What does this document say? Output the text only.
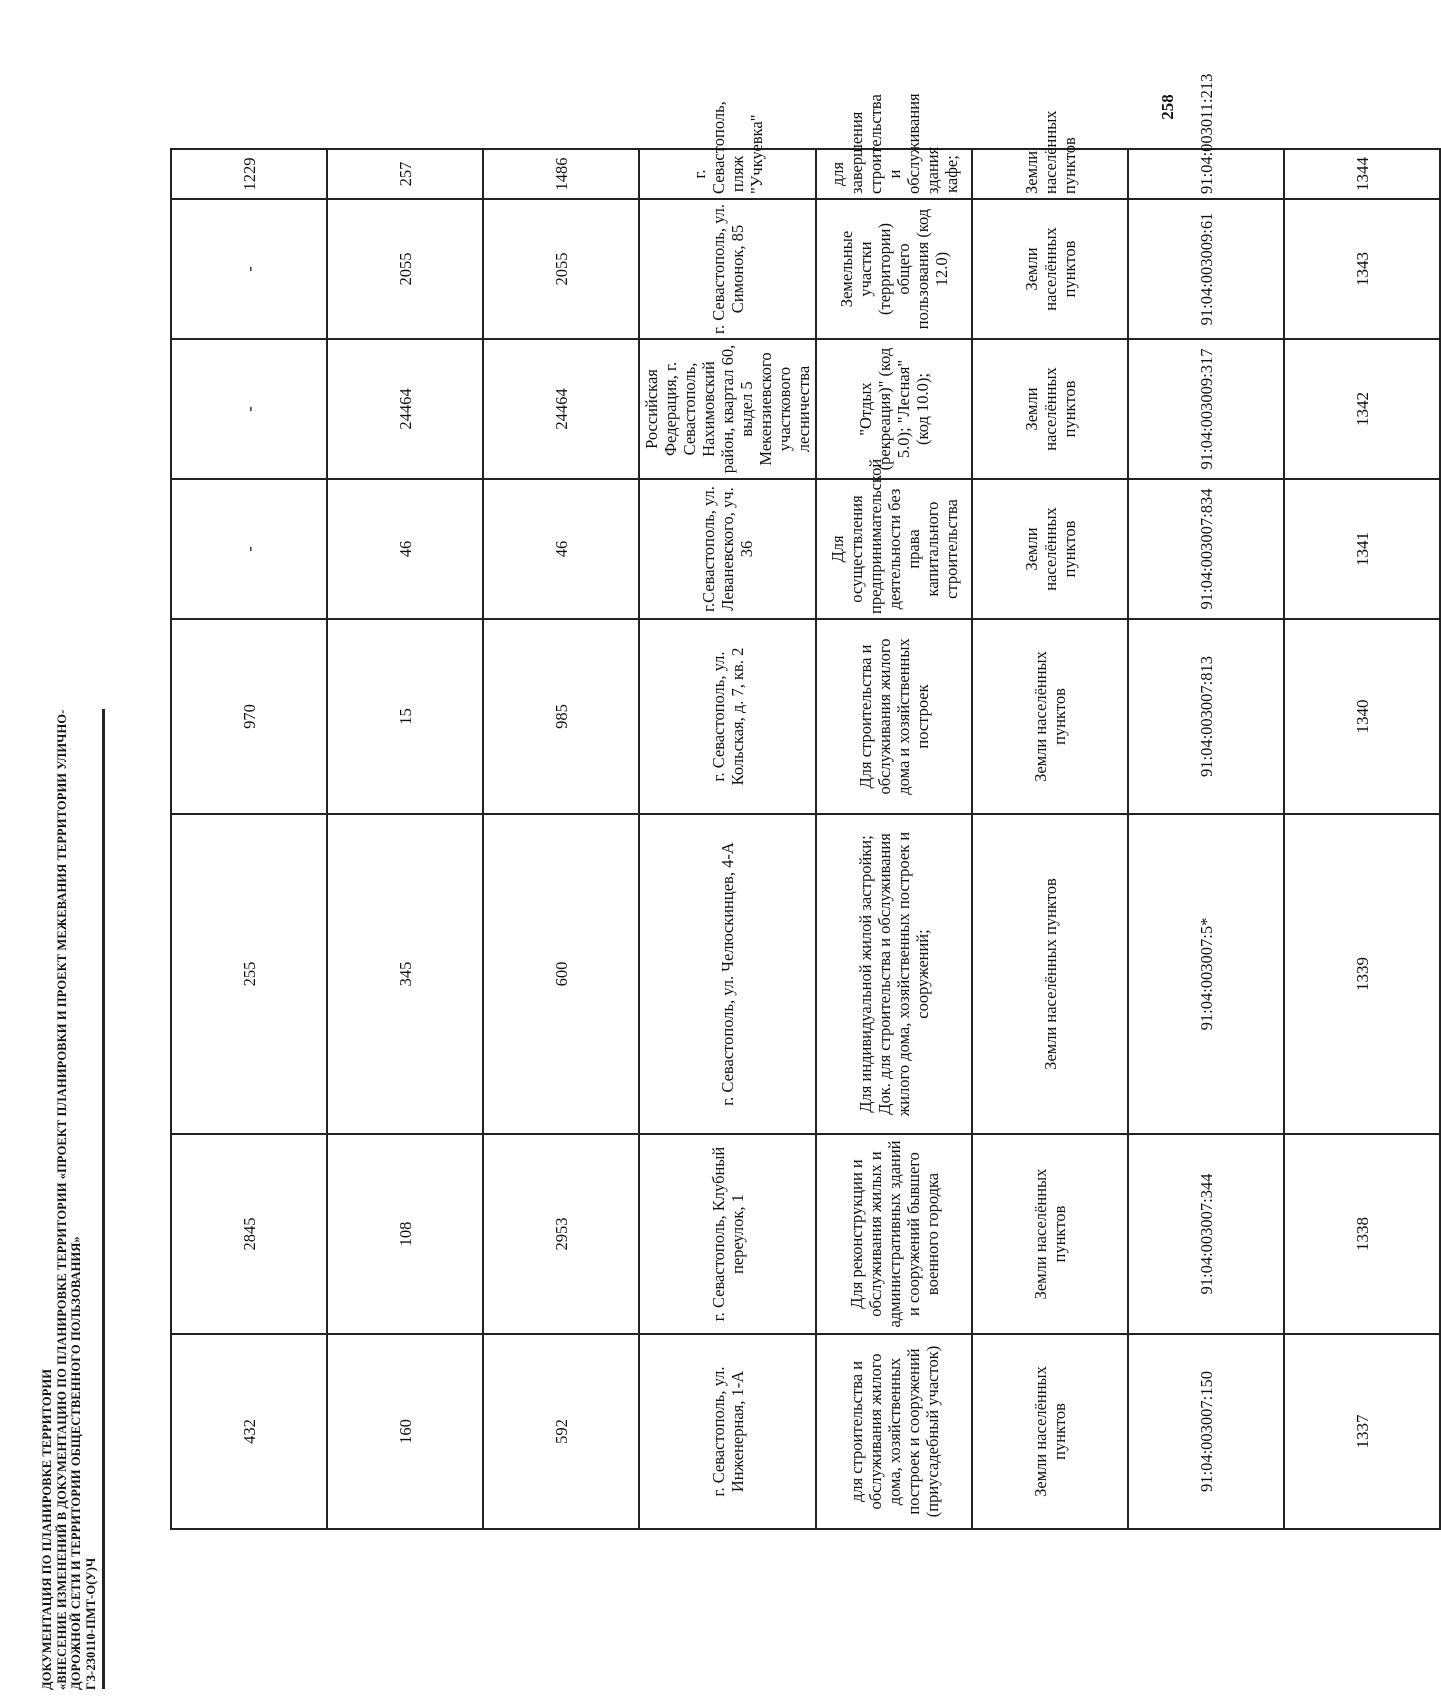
258
ДОКУМЕНТАЦИЯ ПО ПЛАНИРОВКЕ ТЕРРИТОРИИ «ВНЕСЕНИЕ ИЗМЕНЕНИЙ В ДОКУМЕНТАЦИЮ ПО ПЛАНИРОВКЕ ТЕРРИТОРИИ «ПРОЕКТ ПЛАНИРОВКИ И ПРОЕКТ МЕЖЕВАНИЯ ТЕРРИТОРИИ УЛИЧНО- ДОРОЖНОЙ СЕТИ И ТЕРРИТОРИИ ОБЩЕСТВЕННОГО ПОЛЬЗОВАНИЯ» ГЗ-230110-ПМТ-О(У)Ч
432	2845	255	970	-	-	-	1229
160	108	345	15	46	24464	2055	257
592	2953	600	985	46	24464	2055	1486
г. Севастополь, ул. Инженерная, 1-А	г. Севастополь, Клубный переулок, 1	г. Севастополь, ул. Челюскинцев, 4-А	г. Севастополь, ул. Кольская, д. 7, кв. 2	г.Севастополь, ул. Леваневского, уч. 36	Российская Федерация, г. Севастополь, Нахимовский район, квартал 60, выдел 5 Мекензиевского участкового лесничества	г. Севастополь, ул. Симонок, 85	г. Севастополь, пляж "Учкуевка"
для строительства и обслуживания жилого дома, хозяйственных построек и сооружений (приусадебный участок)	Для реконструкции и обслуживания жилых и административных зданий и сооружений бывшего военного городка	Для индивидуальной жилой застройки; Док. для строительства и обслуживания жилого дома, хозяйственных построек и сооружений;	Для строительства и обслуживания жилого дома и хозяйственных построек	Для осуществления предпринимательской деятельности без права капитального строительства	"Отдых (рекреация)" (код 5.0); "Лесная" (код 10.0);	Земельные участки (территории) общего пользования (код 12.0)	для завершения строительства и обслуживания здания кафе;
Земли населённых пунктов	Земли населённых пунктов	Земли населённых пунктов	Земли населённых пунктов	Земли населённых пунктов	Земли населённых пунктов	Земли населённых пунктов	Земли населённых пунктов
91:04:003007:150	91:04:003007:344	91:04:003007:5*	91:04:003007:813	91:04:003007:834	91:04:003009:317	91:04:003009:61	91:04:003011:213
1337	1338	1339	1340	1341	1342	1343	1344
